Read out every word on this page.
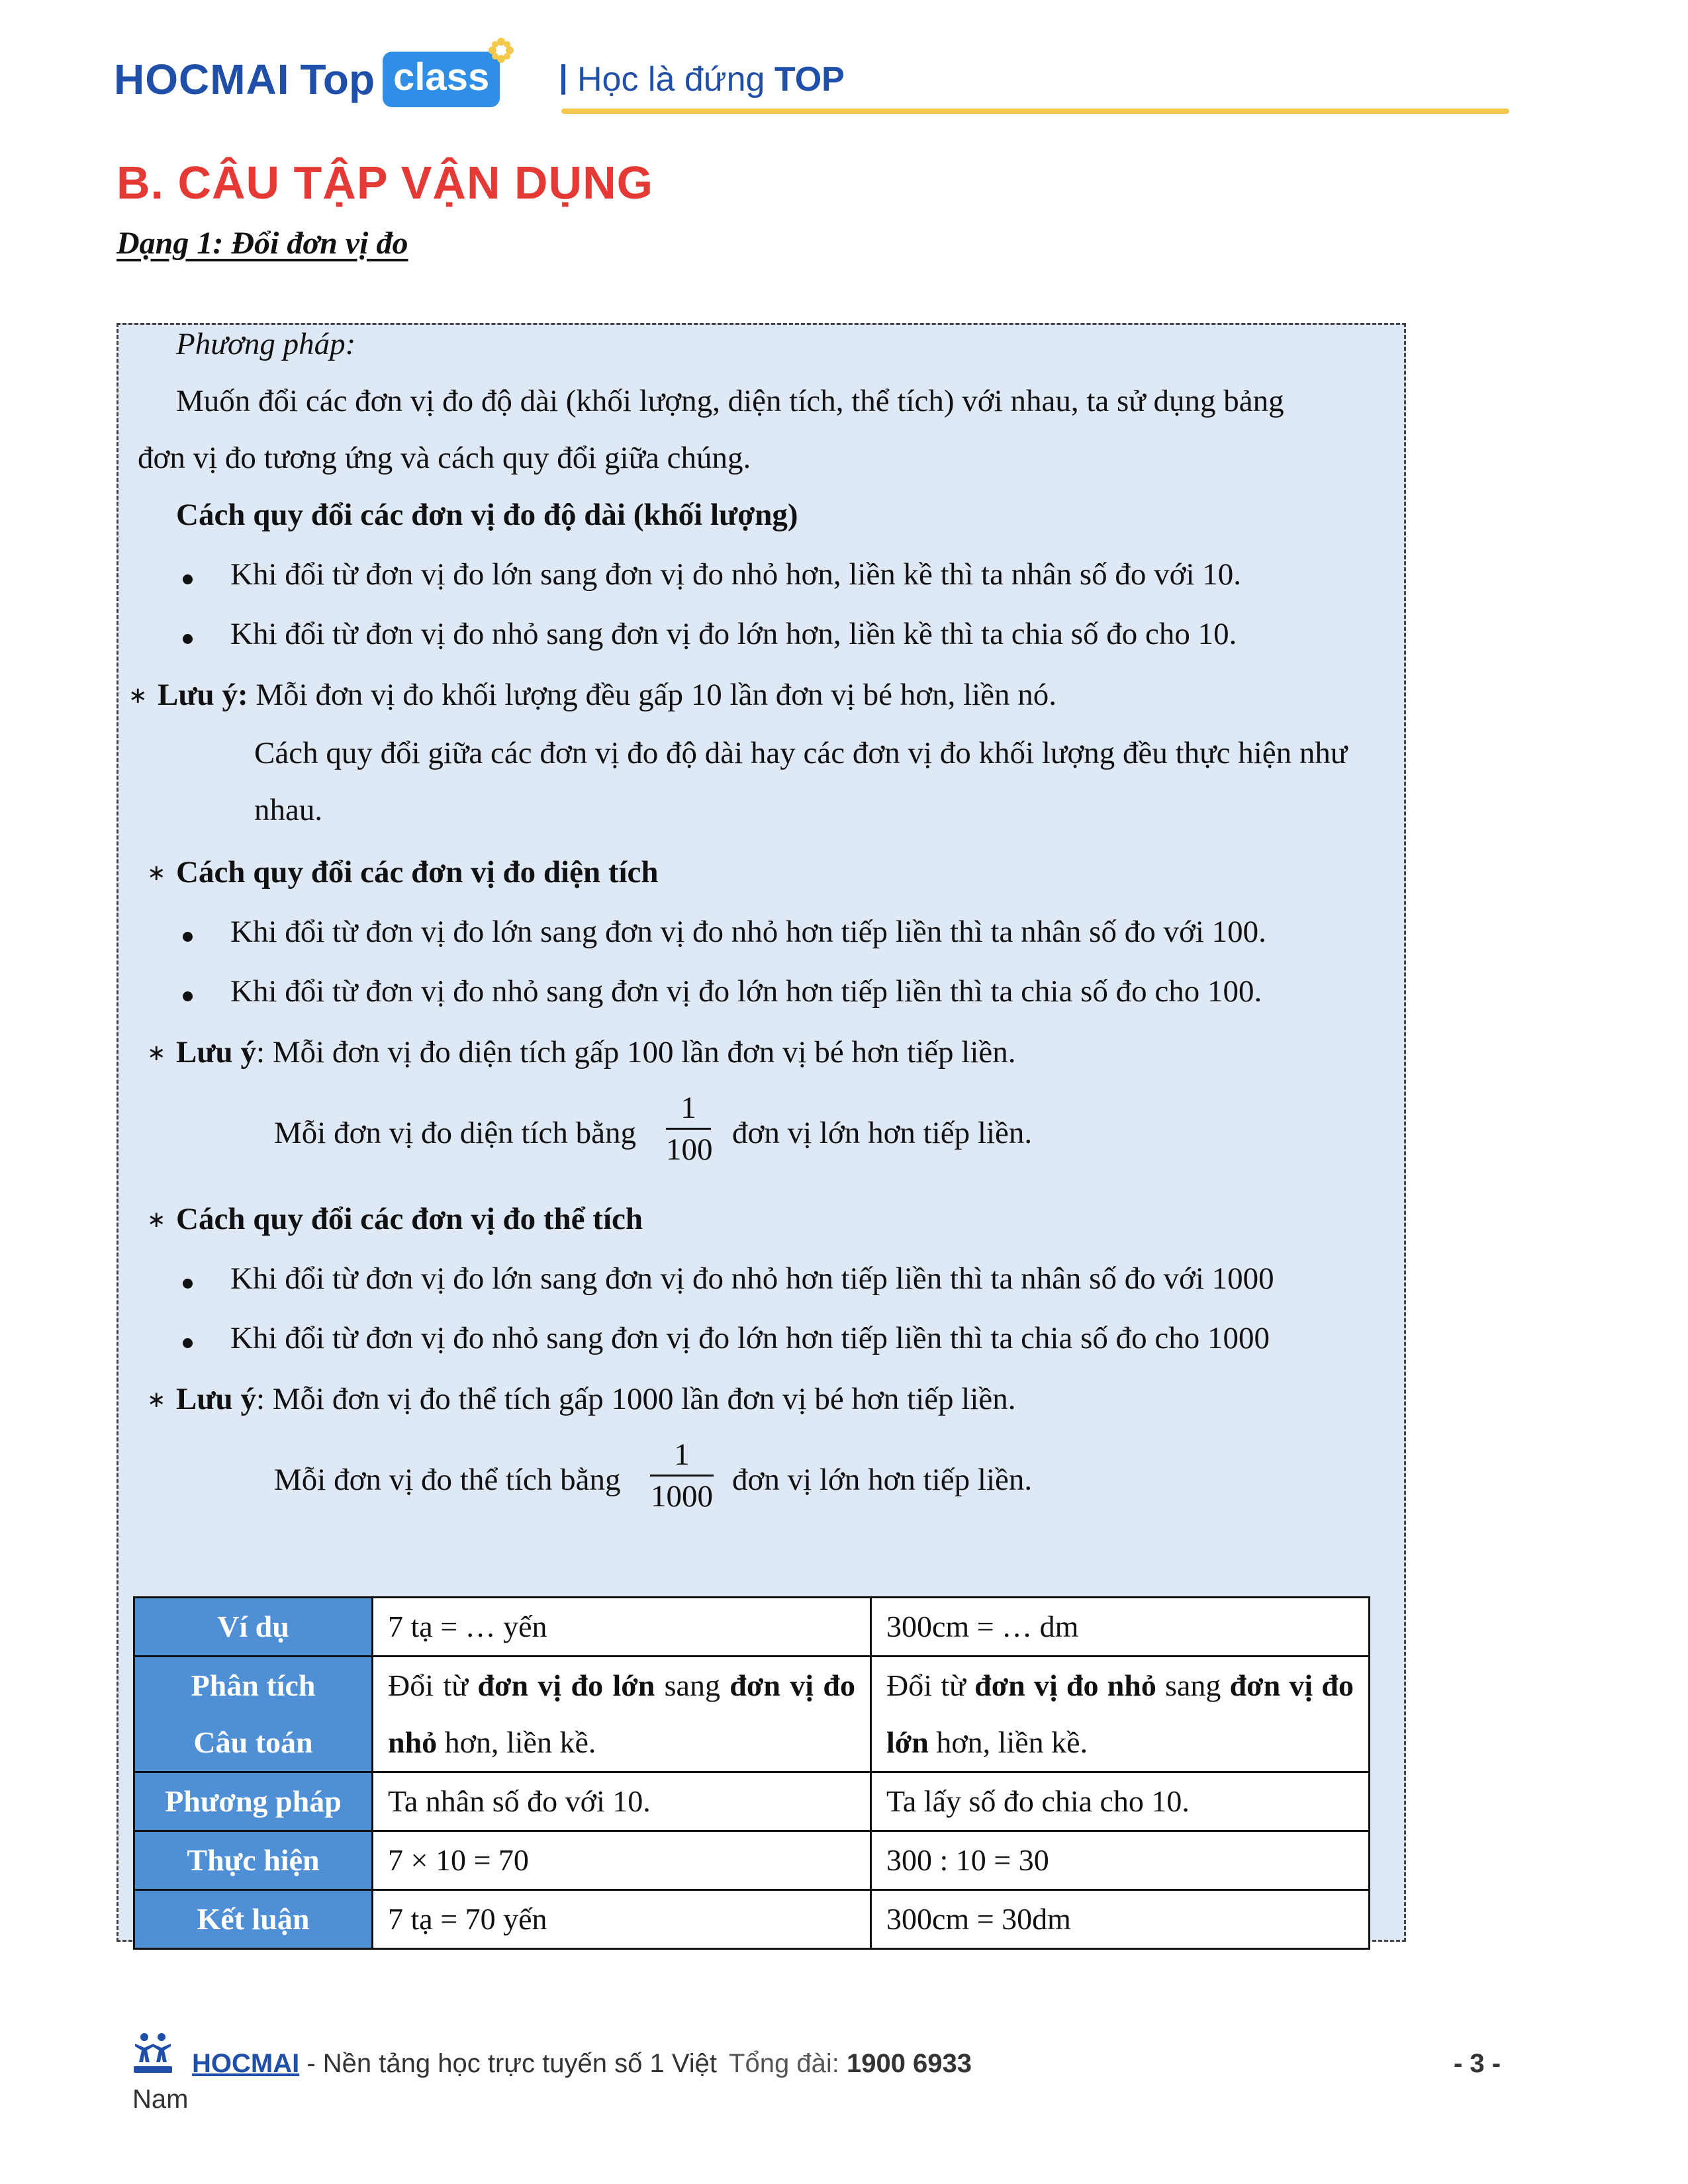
HOCMAI Top class	Học là đứng TOP
B. CÂU TẬP VẬN DỤNG
Dạng 1: Đổi đơn vị đo
Phương pháp:
Muốn đổi các đơn vị đo độ dài (khối lượng, diện tích, thể tích) với nhau, ta sử dụng bảng
đơn vị đo tương ứng và cách quy đổi giữa chúng.
Cách quy đổi các đơn vị đo độ dài (khối lượng)
Khi đổi từ đơn vị đo lớn sang đơn vị đo nhỏ hơn, liền kề thì ta nhân số đo với 10.
Khi đổi từ đơn vị đo nhỏ sang đơn vị đo lớn hơn, liền kề thì ta chia số đo cho 10.
∗ Lưu ý: Mỗi đơn vị đo khối lượng đều gấp 10 lần đơn vị bé hơn, liền nó.
Cách quy đổi giữa các đơn vị đo độ dài hay các đơn vị đo khối lượng đều thực hiện như
nhau.
∗ Cách quy đổi các đơn vị đo diện tích
Khi đổi từ đơn vị đo lớn sang đơn vị đo nhỏ hơn tiếp liền thì ta nhân số đo với 100.
Khi đổi từ đơn vị đo nhỏ sang đơn vị đo lớn hơn tiếp liền thì ta chia số đo cho 100.
∗ Lưu ý: Mỗi đơn vị đo diện tích gấp 100 lần đơn vị bé hơn tiếp liền.
Mỗi đơn vị đo diện tích bằng
1
100 đơn vị lớn hơn tiếp liền.
∗ Cách quy đổi các đơn vị đo thể tích
Khi đổi từ đơn vị đo lớn sang đơn vị đo nhỏ hơn tiếp liền thì ta nhân số đo với 1000
Khi đổi từ đơn vị đo nhỏ sang đơn vị đo lớn hơn tiếp liền thì ta chia số đo cho 1000
∗ Lưu ý: Mỗi đơn vị đo thể tích gấp 1000 lần đơn vị bé hơn tiếp liền.
Mỗi đơn vị đo thể tích bằng
1
1000 đơn vị lớn hơn tiếp liền.
Ví dụ	7 tạ = … yến	300cm = … dm

Phân tích
Câu toán	Đổi từ đơn vị đo lớn sang đơn vị đo nhỏ hơn, liền kề.	Đổi từ đơn vị đo nhỏ sang đơn vị đo lớn hơn, liền kề.
Phương pháp	Ta nhân số đo với 10.	Ta lấy số đo chia cho 10.
Thực hiện	7 × 10 = 70	300 : 10 = 30
Kết luận	7 tạ = 70 yến	300cm = 30dm
HOCMAI - Nền tảng học trực tuyến số 1 Việt Tổng đài: 1900 6933
Nam
- 3 -
